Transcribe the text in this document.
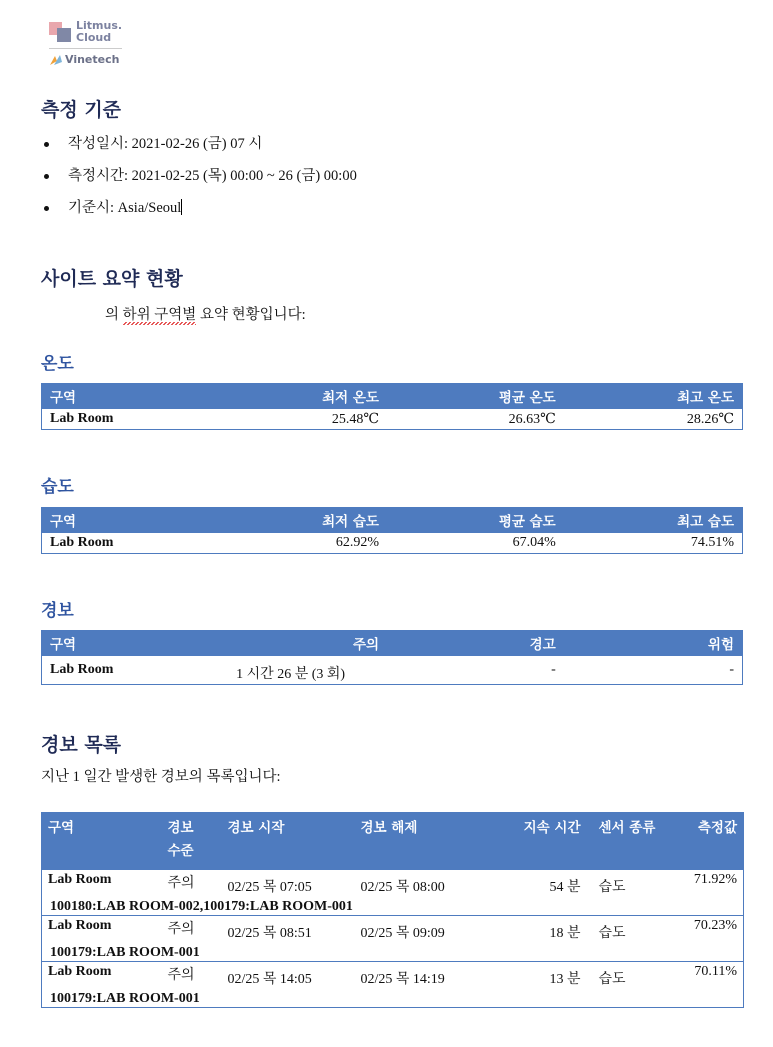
Litmus.
Cloud
Vinetech
측정 기준
작성일시: 2021-02-26 (금) 07 시
측정시간: 2021-02-25 (목) 00:00 ~ 26 (금) 00:00
기준시: Asia/Seoul
사이트 요약 현황
의 하위 구역별 요약 현황입니다:
온도
구역	최저 온도	평균 온도	최고 온도
Lab Room	25.48℃	26.63℃	28.26℃
습도
구역	최저 습도	평균 습도	최고 습도
Lab Room	62.92%	67.04%	74.51%
경보
구역	주의	경고	위험
Lab Room	1 시간 26 분 (3 회)	-	-
경보 목록
지난 1 일간 발생한 경보의 목록입니다:
구역	경보 수준	경보 시작	경보 해제	지속 시간	센서 종류	측정값
Lab Room	주의	02/25 목 07:05	02/25 목 08:00	54 분	습도	71.92%
100180:LAB ROOM-002,100179:LAB ROOM-001						
Lab Room	주의	02/25 목 08:51	02/25 목 09:09	18 분	습도	70.23%
100179:LAB ROOM-001						
Lab Room	주의	02/25 목 14:05	02/25 목 14:19	13 분	습도	70.11%
100179:LAB ROOM-001						
